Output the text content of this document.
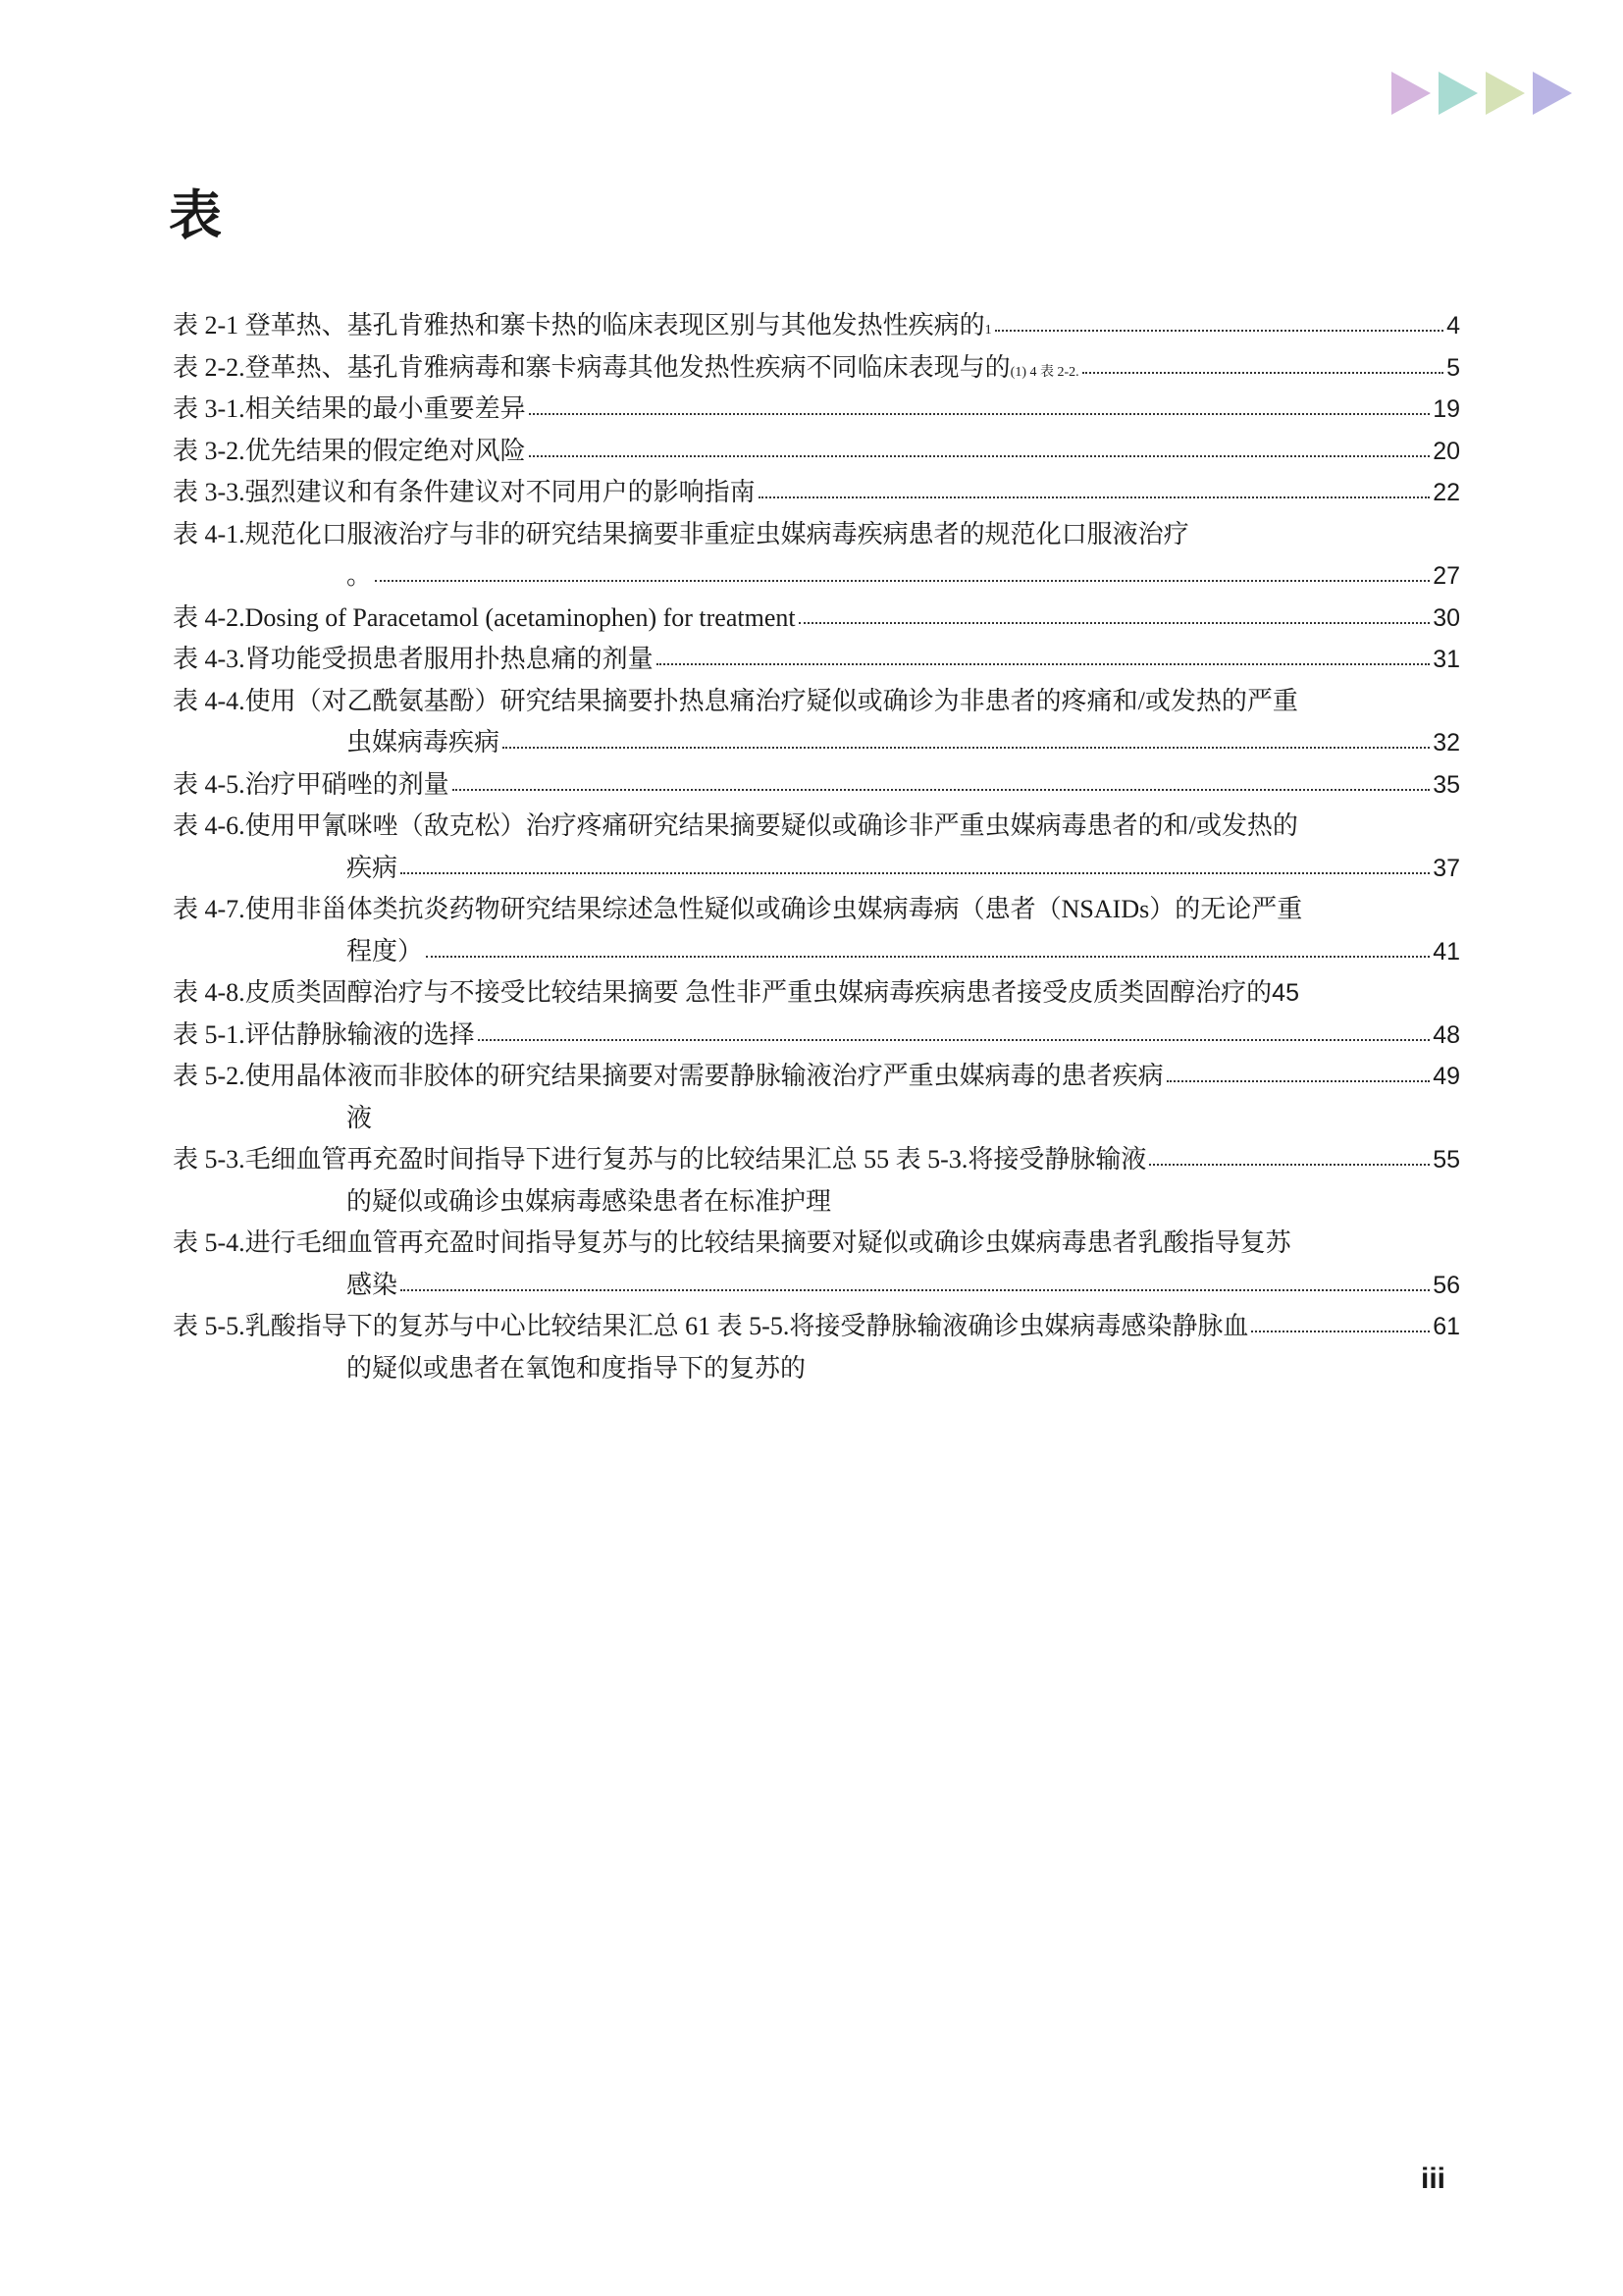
表
表 2-1 登革热、基孔肯雅热和寨卡热的临床表现区别与其他发热性疾病的 1	4
表 2-2.登革热、基孔肯雅病毒和寨卡病毒其他发热性疾病不同临床表现与的 (1) 4 表 2-2.	5
表 3-1.相关结果的最小重要差异	19
表 3-2.优先结果的假定绝对风险	20
表 3-3.强烈建议和有条件建议对不同用户的影响指南	22
表 4-1.规范化口服液治疗与非的研究结果摘要非重症虫媒病毒疾病患者的规范化口服液治疗
。	27
表 4-2.Dosing of Paracetamol (acetaminophen) for treatment	30
表 4-3.肾功能受损患者服用扑热息痛的剂量	31
表 4-4.使用（对乙酰氨基酚）研究结果摘要扑热息痛治疗疑似或确诊为非患者的疼痛和/或发热的严重
虫媒病毒疾病	32
表 4-5.治疗甲硝唑的剂量	35
表 4-6.使用甲氰咪唑（敌克松）治疗疼痛研究结果摘要疑似或确诊非严重虫媒病毒患者的和/或发热的
疾病	37
表 4-7.使用非甾体类抗炎药物研究结果综述急性疑似或确诊虫媒病毒病（患者（NSAIDs）的无论严重
程度）	41
表 4-8.皮质类固醇治疗与不接受比较结果摘要 急性非严重虫媒病毒疾病患者接受皮质类固醇治疗的 45
表 5-1.评估静脉输液的选择	48
表 5-2.使用晶体液而非胶体的研究结果摘要对需要静脉输液治疗严重虫媒病毒的患者疾病	49
液
表 5-3.毛细血管再充盈时间指导下进行复苏与的比较结果汇总 55 表 5-3.将接受静脉输液	55
的疑似或确诊虫媒病毒感染患者在标准护理
表 5-4.进行毛细血管再充盈时间指导复苏与的比较结果摘要对疑似或确诊虫媒病毒患者乳酸指导复苏
感染	56
表 5-5.乳酸指导下的复苏与中心比较结果汇总 61 表 5-5.将接受静脉输液确诊虫媒病毒感染静脉血	61
的疑似或患者在氧饱和度指导下的复苏的
iii
